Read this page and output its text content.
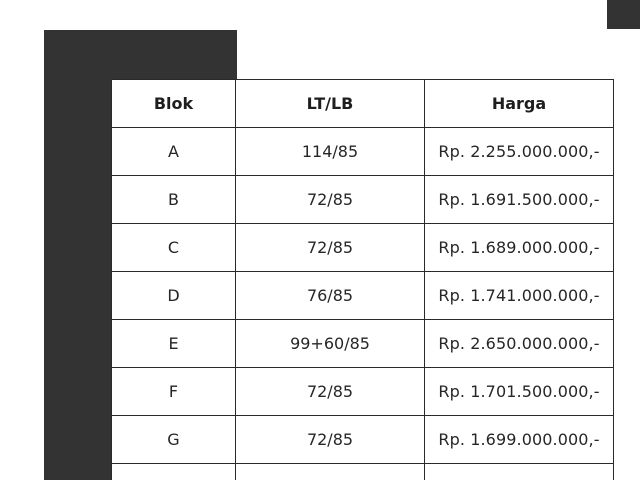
Blok	LT/LB	Harga
A	114/85	Rp. 2.255.000.000,-
B	72/85	Rp. 1.691.500.000,-
C	72/85	Rp. 1.689.000.000,-
D	76/85	Rp. 1.741.000.000,-
E	99+60/85	Rp. 2.650.000.000,-
F	72/85	Rp. 1.701.500.000,-
G	72/85	Rp. 1.699.000.000,-
